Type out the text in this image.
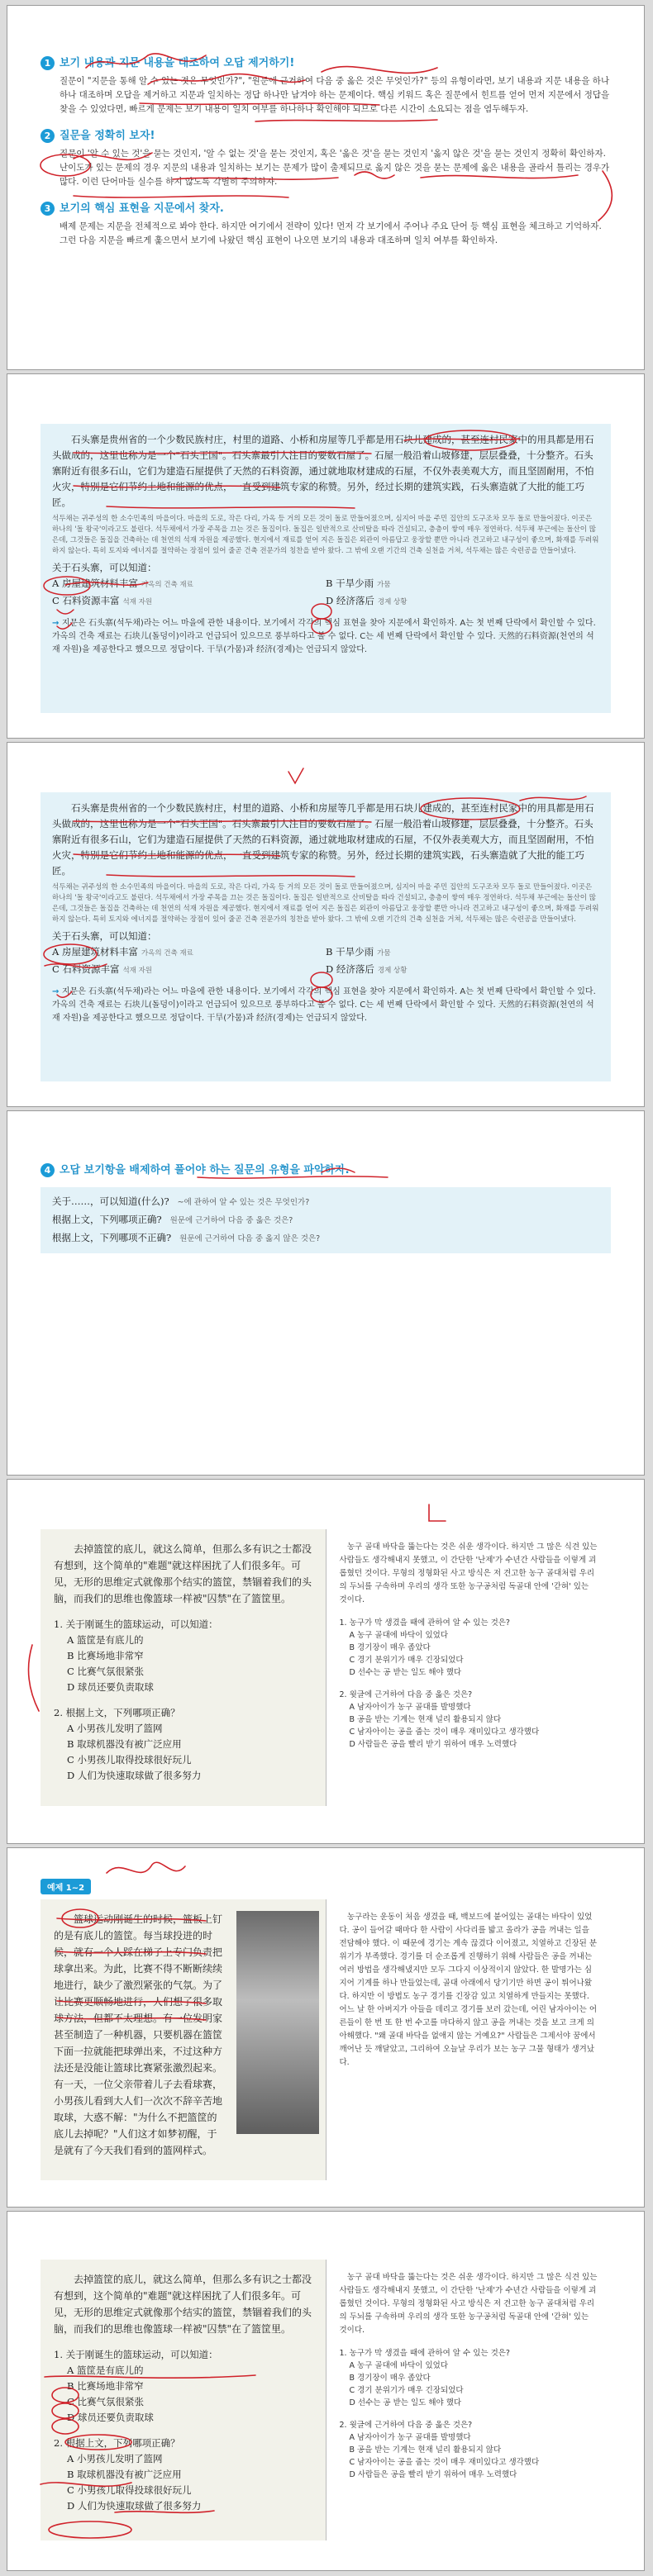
1 보기 내용과 지문 내용을 대조하여 오답 제거하기!

질문이 "지문을 통해 알 수 있는 것은 무엇인가?", "원문에 근거하여 다음 중 옳은 것은 무엇인가?" 등의 유형이라면, 보기 내용과 지문 내용을 하나하나 대조하며 오답을 제거하고 지문과 일치하는 정답 하나만 남겨야 하는 문제이다. 핵심 키워드 혹은 질문에서 힌트를 얻어 먼저 지문에서 정답을 찾을 수 있었다면, 빠르게 문제는 보기 내용이 일치 여부를 하나하나 확인해야 되므로 다른 시간이 소요되는 점을 염두해두자.

2 질문을 정확히 보자!

질문이 '알 수 있는 것'을 묻는 것인지, '알 수 없는 것'을 묻는 것인지, 혹은 '옳은 것'을 묻는 것인지 '옳지 않은 것'을 묻는 것인지 정확히 확인하자. 난이도가 있는 문제의 경우 지문의 내용과 일치하는 보기는 문제가 많이 출제되므로 옳지 않은 것을 묻는 문제에 옳은 내용을 골라서 틀리는 경우가 많다. 이런 단어마들 실수를 하지 않도록 각별히 주의하자.

3 보기의 핵심 표현을 지문에서 찾자.

배제 문제는 지문을 전체적으로 봐야 한다. 하지만 여기에서 전략이 있다! 먼저 각 보기에서 주어나 주요 단어 등 핵심 표현을 체크하고 기억하자. 그런 다음 지문을 빠르게 훑으면서 보기에 나왔던 핵심 표현이 나오면 보기의 내용과 대조하며 일치 여부를 확인하자.

石头寨是贵州省的一个少数民族村庄，村里的道路、小桥和房屋等几乎都是用石块儿建成的，甚至连村民家中的用具都是用石头做成的，这里也称为是一个"石头王国"。石头寨最引人注目的要数石屋了。石屋一般沿着山坡修建，层层叠叠，十分整齐。石头寨附近有很多石山，它们为建造石屋提供了天然的石料资源，通过就地取材建成的石屋，不仅外表美观大方，而且坚固耐用，不怕火灾，特别是它们节约土地和能源的优点，一直受到建筑专家的称赞。另外，经过长期的建筑实践，石头寨造就了大批的能工巧匠。

석두채는 귀주성의 한 소수민족의 마을이다. 마을의 도로, 작은 다리, 가옥 등 거의 모든 것이 돌로 만들어졌으며, 심지어 마을 주민 집안의 도구조차 모두 돌로 만들어졌다. 이곳은 하나의 '돌 왕국'이라고도 불린다. 석두채에서 가장 주목을 끄는 것은 돌집이다. 돌집은 일반적으로 산비탈을 따라 건설되고, 층층이 쌓여 매우 정연하다. 석두채 부근에는 돌산이 많은데, 그것들은 돌집을 건축하는 데 천연의 석재 자원을 제공했다. 현지에서 재료를 얻어 지은 돌집은 외관이 아름답고 웅장할 뿐만 아니라 견고하고 내구성이 좋으며, 화재를 두려워하지 않는다. 특히 토지와 에너지를 절약하는 장점이 있어 줄곧 건축 전문가의 칭찬을 받아 왔다. 그 밖에 오랜 기간의 건축 실천을 거쳐, 석두채는 많은 숙련공을 만들어냈다.

关于石头寨，可以知道：
A 房屋建筑材料丰富 가옥의 건축 재료	B 干旱少雨 가뭄
C 石料资源丰富 석재 자원	D 经济落后 경제 상황
→ 지문은 石头寨(석두채)라는 어느 마을에 관한 내용이다. 보기에서 각각의 핵심 표현을 찾아 지문에서 확인하자. A는 첫 번째 단락에서 확인할 수 있다. 가옥의 건축 재료는 石块儿(돌덩이)이라고 언급되어 있으므로 풍부하다고 볼 수 없다. C는 세 번째 단락에서 확인할 수 있다. 天然的石料资源(천연의 석재 자원)을 제공한다고 했으므로 정답이다. 干旱(가뭄)과 经济(경제)는 언급되지 않았다.

石头寨是贵州省的一个少数民族村庄，村里的道路、小桥和房屋等几乎都是用石块儿建成的，甚至连村民家中的用具都是用石头做成的，这里也称为是一个"石头王国"。石头寨最引人注目的要数石屋了。石屋一般沿着山坡修建，层层叠叠，十分整齐。石头寨附近有很多石山，它们为建造石屋提供了天然的石料资源，通过就地取材建成的石屋，不仅外表美观大方，而且坚固耐用，不怕火灾，特别是它们节约土地和能源的优点，一直受到建筑专家的称赞。另外，经过长期的建筑实践，石头寨造就了大批的能工巧匠。

석두채는 귀주성의 한 소수민족의 마을이다. 마을의 도로, 작은 다리, 가옥 등 거의 모든 것이 돌로 만들어졌으며, 심지어 마을 주민 집안의 도구조차 모두 돌로 만들어졌다. 이곳은 하나의 '돌 왕국'이라고도 불린다. 석두채에서 가장 주목을 끄는 것은 돌집이다. 돌집은 일반적으로 산비탈을 따라 건설되고, 층층이 쌓여 매우 정연하다. 석두채 부근에는 돌산이 많은데, 그것들은 돌집을 건축하는 데 천연의 석재 자원을 제공했다. 현지에서 재료를 얻어 지은 돌집은 외관이 아름답고 웅장할 뿐만 아니라 견고하고 내구성이 좋으며, 화재를 두려워하지 않는다. 특히 토지와 에너지를 절약하는 장점이 있어 줄곧 건축 전문가의 칭찬을 받아 왔다. 그 밖에 오랜 기간의 건축 실천을 거쳐, 석두채는 많은 숙련공을 만들어냈다.

关于石头寨，可以知道：
A 房屋建筑材料丰富 가옥의 건축 재료	B 干旱少雨 가뭄
C 石料资源丰富 석재 자원	D 经济落后 경제 상황
→ 지문은 石头寨(석두채)라는 어느 마을에 관한 내용이다. 보기에서 각각의 핵심 표현을 찾아 지문에서 확인하자. A는 첫 번째 단락에서 확인할 수 있다. 가옥의 건축 재료는 石块儿(돌덩이)이라고 언급되어 있으므로 풍부하다고 볼 수 없다. C는 세 번째 단락에서 확인할 수 있다. 天然的石料资源(천연의 석재 자원)을 제공한다고 했으므로 정답이다. 干旱(가뭄)과 经济(경제)는 언급되지 않았다.
4 오답 보기항을 배제하여 풀어야 하는 질문의 유형을 파악하자.
关于……，可以知道(什么)? ~에 관하여 알 수 있는 것은 무엇인가?
根据上文，下列哪项正确? 원문에 근거하여 다음 중 옳은 것은?
根据上文，下列哪项不正确? 원문에 근거하여 다음 중 옳지 않은 것은?

去掉篮筐的底儿，就这么简单，但那么多有识之士都没有想到，这个简单的"难题"就这样困扰了人们很多年。可见，无形的思维定式就像那个结实的篮筐，禁锢着我们的头脑，而我们的思维也像篮球一样被"囚禁"在了篮筐里。

1. 关于刚诞生的篮球运动，可以知道：
A 篮筐是有底儿的
B 比赛场地非常窄
C 比赛气氛很紧张
D 球员还要负责取球
2. 根据上文，下列哪项正确？
A 小男孩儿发明了篮网
B 取球机器没有被广泛应用
C 小男孩儿取得投球很好玩儿
D 人们为快速取球做了很多努力

농구 골대 바닥을 뚫는다는 것은 쉬운 생각이다. 하지만 그 많은 식견 있는 사람들도 생각해내지 못했고, 이 간단한 '난제'가 수년간 사람들을 이렇게 괴롭혔던 것이다. 무형의 정형화된 사고 방식은 저 견고한 농구 골대처럼 우리의 두뇌를 구속하며 우리의 생각 또한 농구공처럼 독골대 안에 '갇혀' 있는 것이다.

1. 농구가 막 생겼을 때에 관하여 알 수 있는 것은?
A 농구 골대에 바닥이 있었다
B 경기장이 매우 좁았다
C 경기 분위기가 매우 긴장되었다
D 선수는 공 받는 일도 해야 했다
2. 윗글에 근거하여 다음 중 옳은 것은?
A 남자아이가 농구 골대를 발명했다
B 공을 받는 기계는 현재 널리 활용되지 않다
C 남자아이는 공을 줍는 것이 매우 재미있다고 생각했다
D 사람들은 공을 빨리 받기 위하여 매우 노력했다
예제 1~2

篮球运动刚诞生的时候，篮板上钉的是有底儿的篮筐。每当球投进的时候，就有一个人踩在梯子上专门负责把球拿出来。为此，比赛不得不断断续续地进行，缺少了激烈紧张的气氛。为了让比赛更顺畅地进行，人们想了很多取球方法，但都不太理想。有一位发明家甚至制造了一种机器，只要机器在篮筐下面一拉就能把球弹出来，不过这种方法还是没能让篮球比赛紧张激烈起来。有一天，一位父亲带着儿子去看球赛，小男孩儿看到大人们一次次不辞辛苦地取球，大惑不解："为什么不把篮筐的底儿去掉呢？"人们这才如梦初醒，于是就有了今天我们看到的篮网样式。

농구라는 운동이 처음 생겼을 때, 백보드에 붙어있는 골대는 바닥이 있었다. 공이 들어갈 때마다 한 사람이 사다리를 밟고 올라가 공을 꺼내는 일을 전담해야 했다. 이 때문에 경기는 계속 끊겼다 이어졌고, 치열하고 긴장된 분위기가 부족했다. 경기를 더 순조롭게 진행하기 위해 사람들은 공을 꺼내는 여러 방법을 생각해냈지만 모두 그다지 이상적이지 않았다. 한 발명가는 심지어 기계를 하나 만들었는데, 골대 아래에서 당기기만 하면 공이 튀어나왔다. 하지만 이 방법도 농구 경기를 긴장감 있고 치열하게 만들지는 못했다. 어느 날 한 아버지가 아들을 데리고 경기를 보러 갔는데, 어린 남자아이는 어른들이 한 번 또 한 번 수고를 마다하지 않고 공을 꺼내는 것을 보고 크게 의아해했다. "왜 골대 바닥을 없애지 않는 거예요?" 사람들은 그제서야 꿈에서 깨어난 듯 깨달았고, 그리하여 오늘날 우리가 보는 농구 그물 형태가 생겨났다.

去掉篮筐的底儿，就这么简单，但那么多有识之士都没有想到，这个简单的"难题"就这样困扰了人们很多年。可见，无形的思维定式就像那个结实的篮筐，禁锢着我们的头脑，而我们的思维也像篮球一样被"囚禁"在了篮筐里。

1. 关于刚诞生的篮球运动，可以知道：
A 篮筐是有底儿的
B 比赛场地非常窄
C 比赛气氛很紧张
D 球员还要负责取球
2. 根据上文，下列哪项正确？
A 小男孩儿发明了篮网
B 取球机器没有被广泛应用
C 小男孩儿取得投球很好玩儿
D 人们为快速取球做了很多努力

농구 골대 바닥을 뚫는다는 것은 쉬운 생각이다. 하지만 그 많은 식견 있는 사람들도 생각해내지 못했고, 이 간단한 '난제'가 수년간 사람들을 이렇게 괴롭혔던 것이다. 무형의 정형화된 사고 방식은 저 견고한 농구 골대처럼 우리의 두뇌를 구속하며 우리의 생각 또한 농구공처럼 독골대 안에 '갇혀' 있는 것이다.

1. 농구가 막 생겼을 때에 관하여 알 수 있는 것은?
A 농구 골대에 바닥이 있었다
B 경기장이 매우 좁았다
C 경기 분위기가 매우 긴장되었다
D 선수는 공 받는 일도 해야 했다
2. 윗글에 근거하여 다음 중 옳은 것은?
A 남자아이가 농구 골대를 발명했다
B 공을 받는 기계는 현재 널리 활용되지 않다
C 남자아이는 공을 줍는 것이 매우 재미있다고 생각했다
D 사람들은 공을 빨리 받기 위하여 매우 노력했다
